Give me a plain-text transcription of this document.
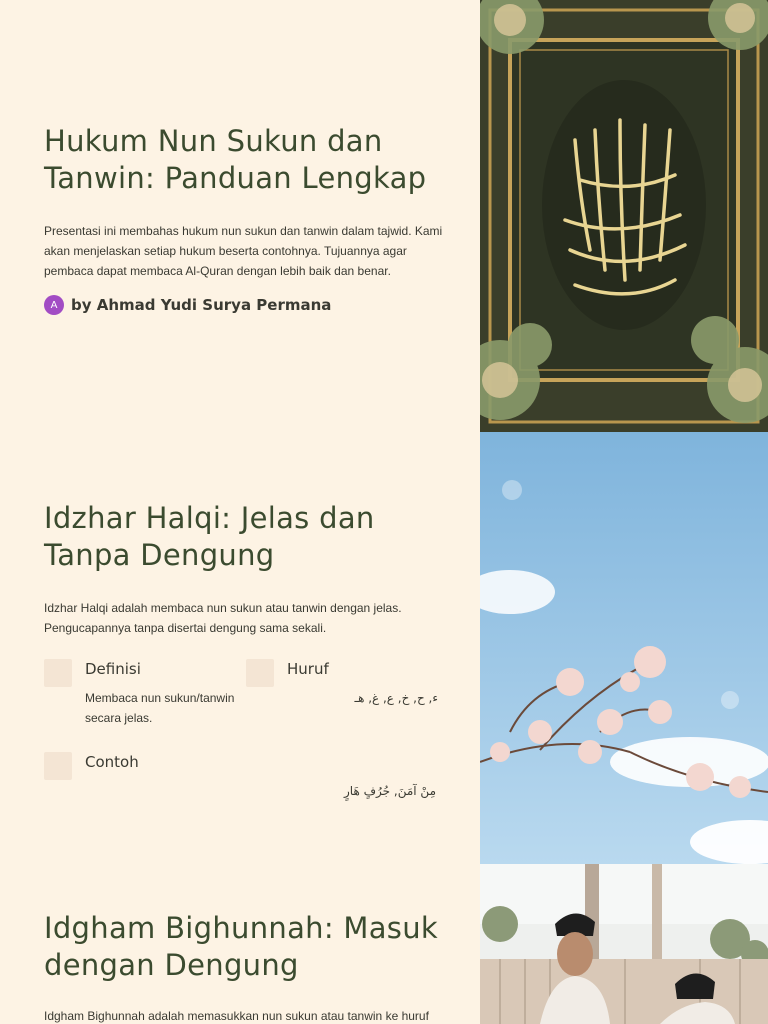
Hukum Nun Sukun dan Tanwin: Panduan Lengkap

Presentasi ini membahas hukum nun sukun dan tanwin dalam tajwid. Kami akan menjelaskan setiap hukum beserta contohnya. Tujuannya agar pembaca dapat membaca Al-Quran dengan lebih baik dan benar.

A by Ahmad Yudi Surya Permana
Idzhar Halqi: Jelas dan Tanpa Dengung

Idzhar Halqi adalah membaca nun sukun atau tanwin dengan jelas. Pengucapannya tanpa disertai dengung sama sekali.

Definisi
Membaca nun sukun/tanwin secara jelas.
Huruf
ء, ح, خ, ع, غ, هـ
Contoh
مِنْ آمَنَ, جُرُفٍ هَارٍ
Idgham Bighunnah: Masuk dengan Dengung

Idgham Bighunnah adalah memasukkan nun sukun atau tanwin ke huruf
